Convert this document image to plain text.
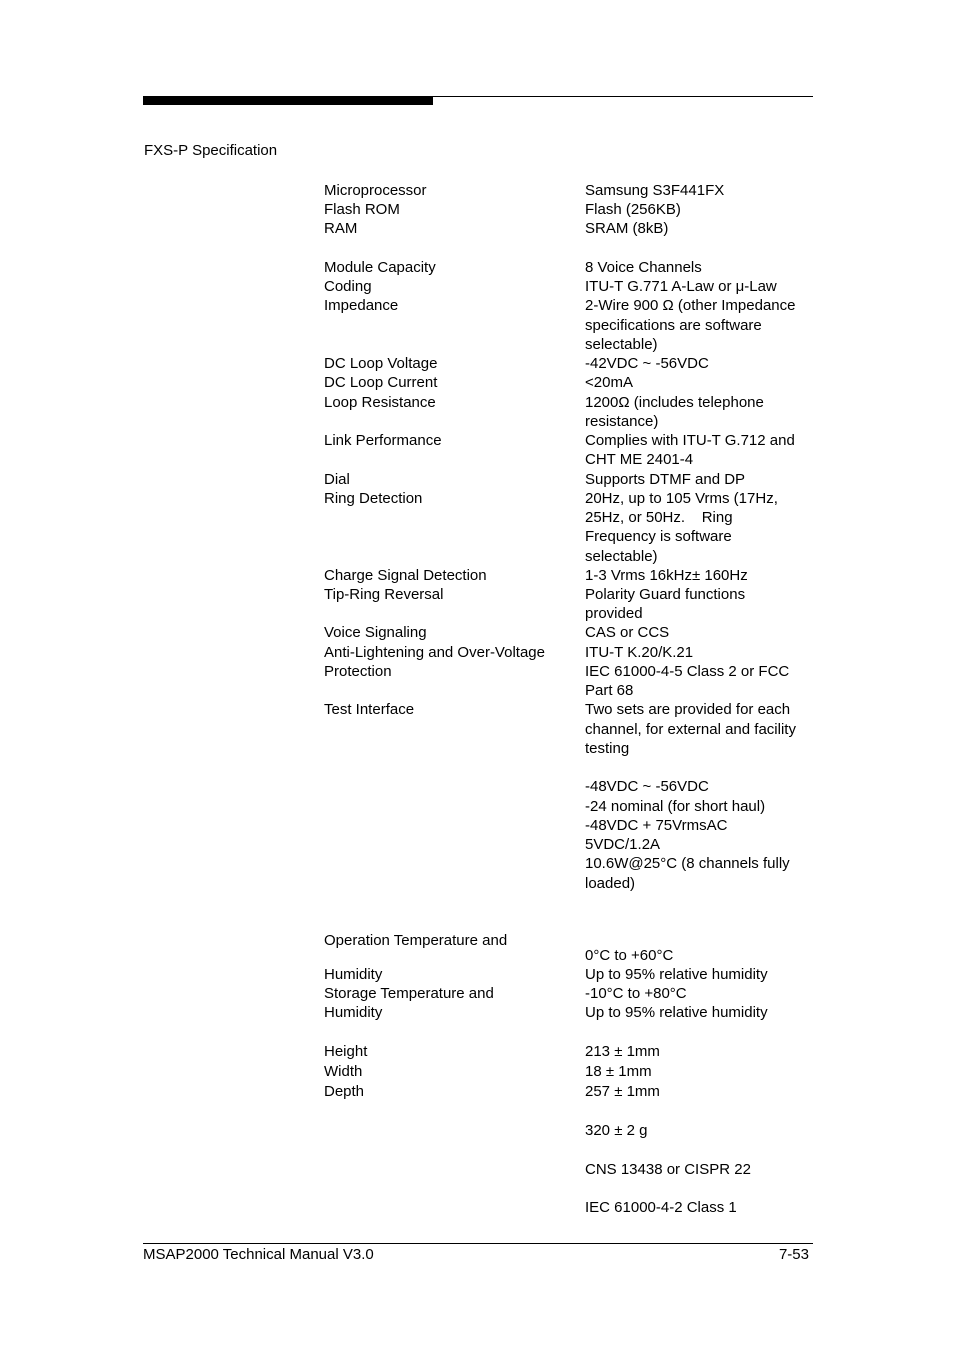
FXS-P Specification
Microprocessor
Flash ROM
RAM
Module Capacity
Coding
Impedance
DC Loop Voltage
DC Loop Current
Loop Resistance
Link Performance
Dial
Ring Detection
Charge Signal Detection
Tip-Ring Reversal
Voice Signaling
Anti-Lightening and Over-Voltage
Protection
Test Interface
Operation Temperature and
Humidity
Storage Temperature and
Humidity
Height
Width
Depth
Samsung S3F441FX
Flash (256KB)
SRAM (8kB)
8 Voice Channels
ITU-T G.771 A-Law or μ-Law
2-Wire 900 Ω (other Impedance
specifications are software
selectable)
-42VDC ~ -56VDC
<20mA
1200Ω (includes telephone
resistance)
Complies with ITU-T G.712 and
CHT ME 2401-4
Supports DTMF and DP
20Hz, up to 105 Vrms (17Hz,
25Hz, or 50Hz.    Ring
Frequency is software
selectable)
1-3 Vrms 16kHz± 160Hz
Polarity Guard functions
provided
CAS or CCS
ITU-T K.20/K.21
IEC 61000-4-5 Class 2 or FCC
Part 68
Two sets are provided for each
channel, for external and facility
testing
-48VDC ~ -56VDC
-24 nominal (for short haul)
-48VDC + 75VrmsAC
5VDC/1.2A
10.6W@25°C (8 channels fully
loaded)
0°C to +60°C
Up to 95% relative humidity
-10°C to +80°C
Up to 95% relative humidity
213 ± 1mm
18 ± 1mm
257 ± 1mm
320 ± 2 g
CNS 13438 or CISPR 22
IEC 61000-4-2 Class 1
MSAP2000 Technical Manual V3.0	7-53
